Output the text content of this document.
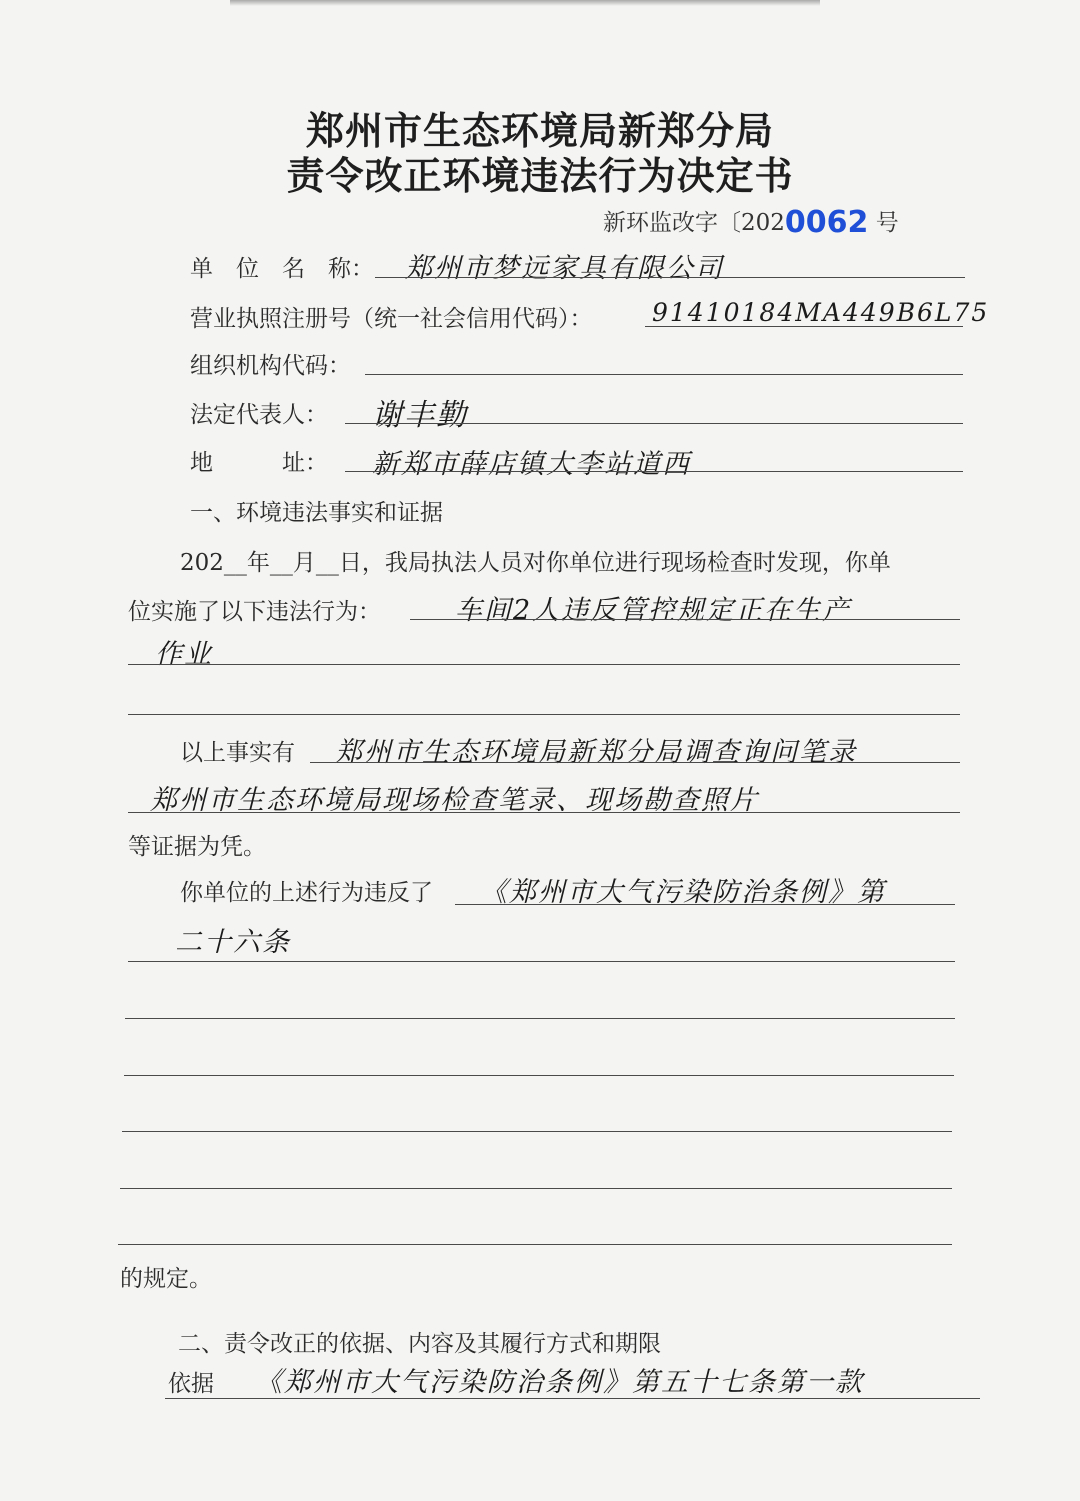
郑州市生态环境局新郑分局
责令改正环境违法行为决定书
新环监改字〔2020062 号
单　位　名　称： 郑州市梦远家具有限公司
营业执照注册号（统一社会信用代码）： 91410184MA449B6L75
组织机构代码：
法定代表人： 谢丰勤
地　　　址： 新郑市薛店镇大李站道西
一、环境违法事实和证据
202__年__月__日，我局执法人员对你单位进行现场检查时发现，你单
位实施了以下违法行为：	车间2人违反管控规定正在生产
作业
以上事实有 郑州市生态环境局新郑分局调查询问笔录
郑州市生态环境局现场检查笔录、现场勘查照片
等证据为凭。
你单位的上述行为违反了 《郑州市大气污染防治条例》第
二十六条
的规定。
二、责令改正的依据、内容及其履行方式和期限
依据 《郑州市大气污染防治条例》第五十七条第一款
